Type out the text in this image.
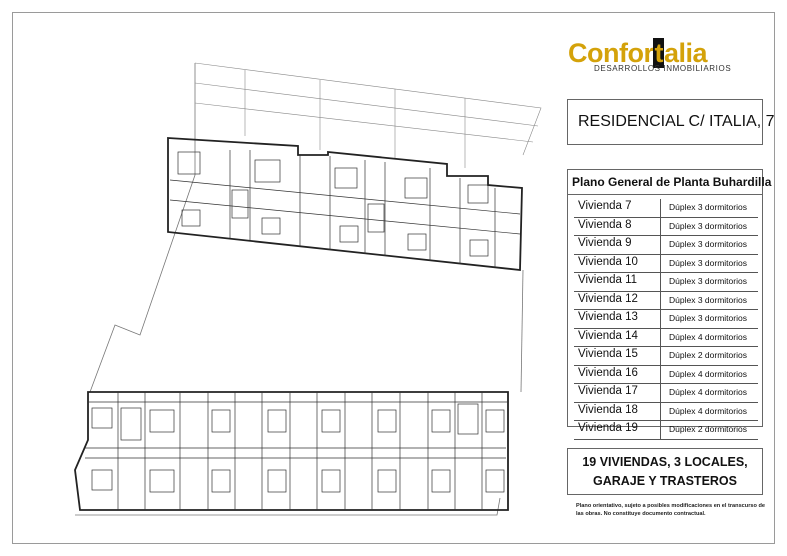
Confortalia
DESARROLLOS INMOBILIARIOS
RESIDENCIAL C/ ITALIA, 7
Plano General de Planta Buhardilla
Vivienda 7	Dúplex 3 dormitorios
Vivienda 8	Dúplex 3 dormitorios
Vivienda 9	Dúplex 3 dormitorios
Vivienda 10	Dúplex 3 dormitorios
Vivienda 11	Dúplex 3 dormitorios
Vivienda 12	Dúplex 3 dormitorios
Vivienda 13	Dúplex 3 dormitorios
Vivienda 14	Dúplex 4 dormitorios
Vivienda 15	Dúplex 2 dormitorios
Vivienda 16	Dúplex 4 dormitorios
Vivienda 17	Dúplex 4 dormitorios
Vivienda 18	Dúplex 4 dormitorios
Vivienda 19	Dúplex 2 dormitorios
19 VIVIENDAS, 3 LOCALES,
GARAJE Y TRASTEROS
Plano orientativo, sujeto a posibles modificaciones en el transcurso de las obras. No constituye documento contractual.
